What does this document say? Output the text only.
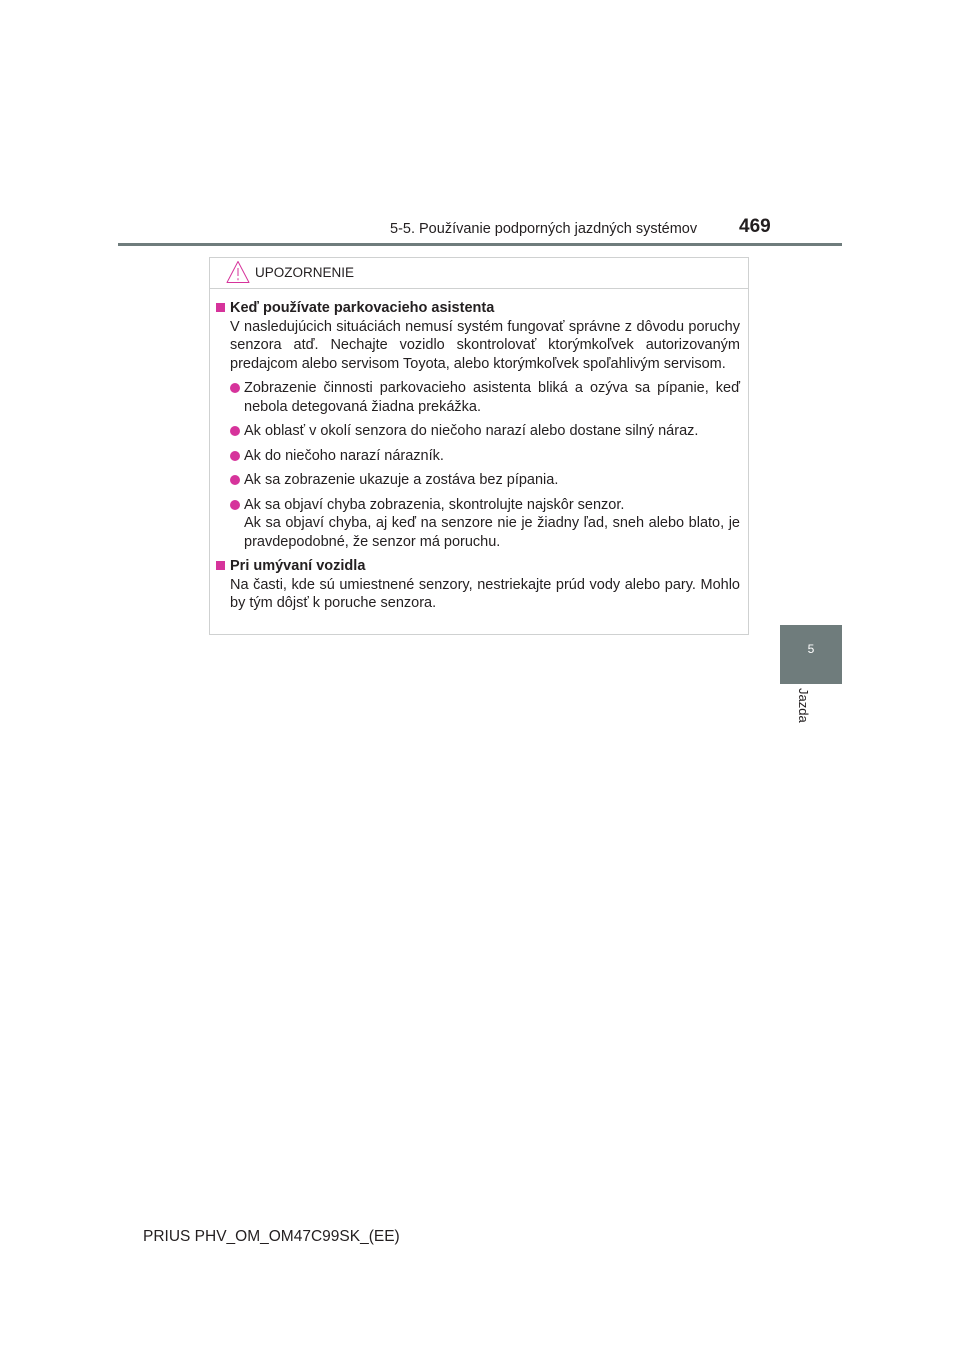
5-5. Používanie podporných jazdných systémov 469
5
Jazda
UPOZORNENIE
Keď používate parkovacieho asistenta
V nasledujúcich situáciách nemusí systém fungovať správne z dôvodu poruchy senzora atď. Nechajte vozidlo skontrolovať ktorýmkoľvek autorizovaným predajcom alebo servisom Toyota, alebo ktorýmkoľvek spoľahlivým servisom.
Zobrazenie činnosti parkovacieho asistenta bliká a ozýva sa pípanie, keď nebola detegovaná žiadna prekážka.
Ak oblasť v okolí senzora do niečoho narazí alebo dostane silný náraz.
Ak do niečoho narazí nárazník.
Ak sa zobrazenie ukazuje a zostáva bez pípania.
Ak sa objaví chyba zobrazenia, skontrolujte najskôr senzor.
Ak sa objaví chyba, aj keď na senzore nie je žiadny ľad, sneh alebo blato, je pravdepodobné, že senzor má poruchu.
Pri umývaní vozidla
Na časti, kde sú umiestnené senzory, nestriekajte prúd vody alebo pary. Mohlo by tým dôjsť k poruche senzora.
PRIUS PHV_OM_OM47C99SK_(EE)
